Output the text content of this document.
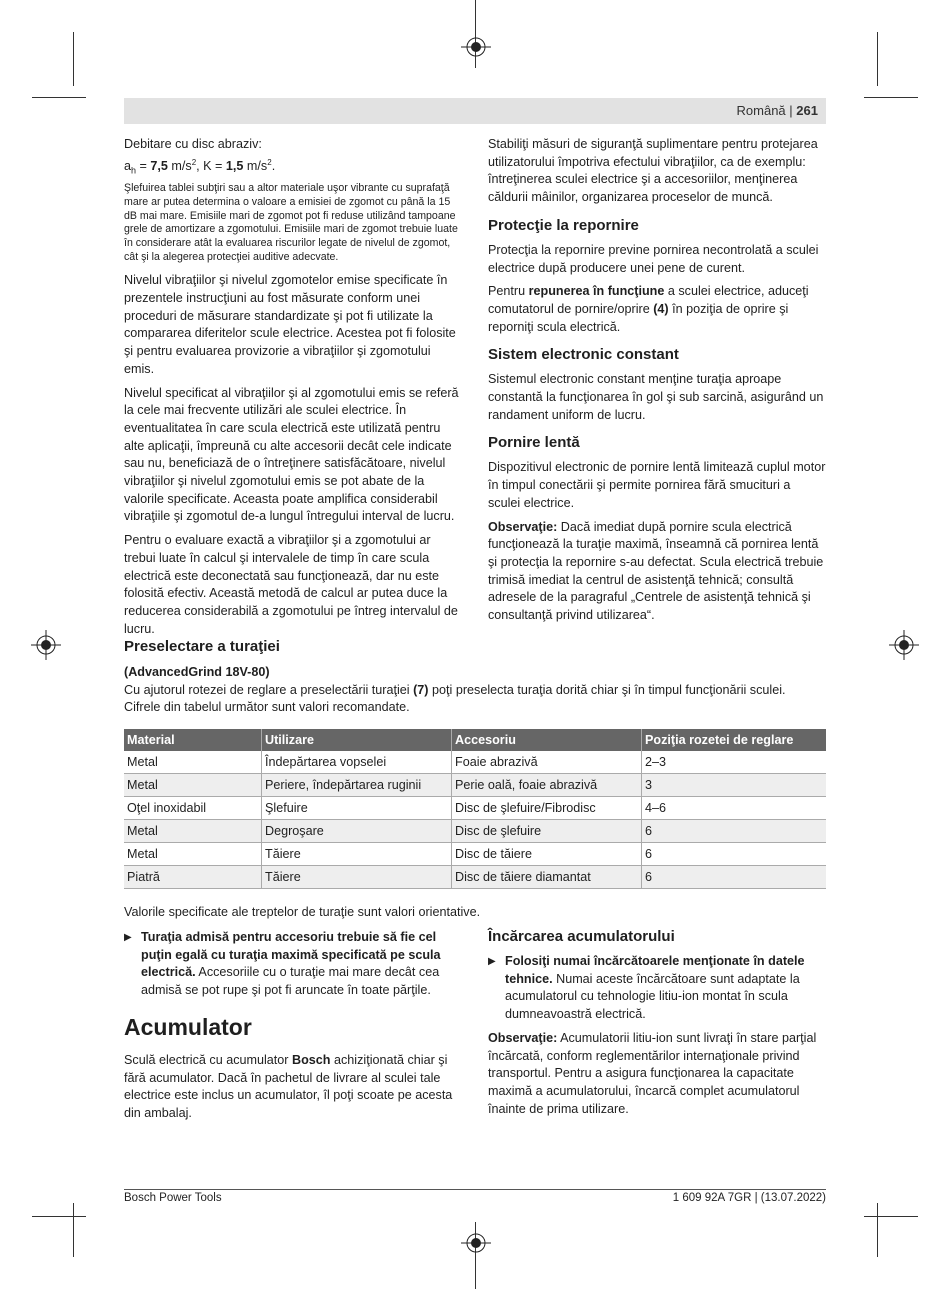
Română | 261

Debitare cu disc abraziv:

$a_h = 7,5$ $m/s^2$, K = 1,5 $m/s^2$.

Şlefuirea tablei subţiri sau a altor materiale uşor vibrante cu suprafaţă mare ar putea determina o valoare a emisiei de zgomot cu până la 15 dB mai mare. Emisiile mari de zgomot pot fi reduse utilizând tampoane grele de amortizare a zgomotului. Emisiile mari de zgomot trebuie luate în considerare atât la evaluarea riscurilor legate de nivelul de zgomot, cât şi la alegerea protecţiei auditive adecvate.

Nivelul vibraţiilor şi nivelul zgomotelor emise specificate în prezentele instrucţiuni au fost măsurate conform unei proceduri de măsurare standardizate şi pot fi utilizate la compararea diferitelor scule electrice. Acestea pot fi folosite şi pentru evaluarea provizorie a vibraţiilor şi zgomotului emis.

Nivelul specificat al vibraţiilor şi al zgomotului emis se referă la cele mai frecvente utilizări ale sculei electrice. În eventualitatea în care scula electrică este utilizată pentru alte aplicaţii, împreună cu alte accesorii decât cele indicate sau nu, beneficiază de o întreţinere satisfăcătoare, nivelul vibraţiilor şi nivelul zgomotului emis se pot abate de la valorile specificate. Aceasta poate amplifica considerabil vibraţiile şi zgomotul de-a lungul întregului interval de lucru.

Pentru o evaluare exactă a vibraţiilor şi a zgomotului ar trebui luate în calcul şi intervalele de timp în care scula electrică este deconectată sau funcţionează, dar nu este folosită efectiv. Această metodă de calcul ar putea duce la reducerea considerabilă a zgomotului pe întreg intervalul de lucru.

Stabiliţi măsuri de siguranţă suplimentare pentru protejarea utilizatorului împotriva efectului vibraţiilor, ca de exemplu: întreţinerea sculei electrice şi a accesoriilor, menţinerea căldurii mâinilor, organizarea proceselor de muncă.

Protecţie la repornire

Protecţia la repornire previne pornirea necontrolată a sculei electrice după producere unei pene de curent.

Pentru repunerea în funcţiune a sculei electrice, aduceţi comutatorul de pornire/oprire (4) în poziţia de oprire şi reporniţi scula electrică.

Sistem electronic constant

Sistemul electronic constant menţine turaţia aproape constantă la funcţionarea în gol şi sub sarcină, asigurând un randament uniform de lucru.

Pornire lentă

Dispozitivul electronic de pornire lentă limitează cuplul motor în timpul conectării şi permite pornirea fără smucituri a sculei electrice.

Observaţie: Dacă imediat după pornire scula electrică funcţionează la turaţie maximă, înseamnă că pornirea lentă şi protecţia la repornire s-au defectat. Scula electrică trebuie trimisă imediat la centrul de asistenţă tehnică; consultă adresele de la paragraful „Centrele de asistenţă tehnică şi consultanţă privind utilizarea“.

Preselectare a turaţiei

(AdvancedGrind 18V-80)

Cu ajutorul rotezei de reglare a preselectării turaţiei (7) poţi preselecta turaţia dorită chiar şi în timpul funcţionării sculei.

Cifrele din tabelul următor sunt valori recomandate.

Material	Utilizare	Accesoriu	Poziţia rozetei de reglare
Metal	Îndepărtarea vopselei	Foaie abrazivă	2–3
Metal	Periere, îndepărtarea ruginii	Perie oală, foaie abrazivă	3
Oţel inoxidabil	Şlefuire	Disc de şlefuire/Fibrodisc	4–6
Metal	Degroşare	Disc de şlefuire	6
Metal	Tăiere	Disc de tăiere	6
Piatră	Tăiere	Disc de tăiere diamantat	6

Valorile specificate ale treptelor de turaţie sunt valori orientative.

▶ Turaţia admisă pentru accesoriu trebuie să fie cel puţin egală cu turaţia maximă specificată pe scula electrică. Accesoriile cu o turaţie mai mare decât cea admisă se pot rupe şi pot fi aruncate în toate părţile.
Acumulator

Sculă electrică cu acumulator Bosch achiziţionată chiar şi fără acumulator. Dacă în pachetul de livrare al sculei tale electrice este inclus un acumulator, îl poţi scoate pe acesta din ambalaj.

Încărcarea acumulatorului
▶ Folosiţi numai încărcătoarele menţionate în datele tehnice. Numai aceste încărcătoare sunt adaptate la acumulatorul cu tehnologie litiu-ion montat în scula dumneavoastră electrică.

Observaţie: Acumulatorii litiu-ion sunt livraţi în stare parţial încărcată, conform reglementărilor internaţionale privind transportul. Pentru a asigura funcţionarea la capacitate maximă a acumulatorului, încarcă complet acumulatorul înainte de prima utilizare.

Bosch Power Tools	1 609 92A 7GR | (13.07.2022)
